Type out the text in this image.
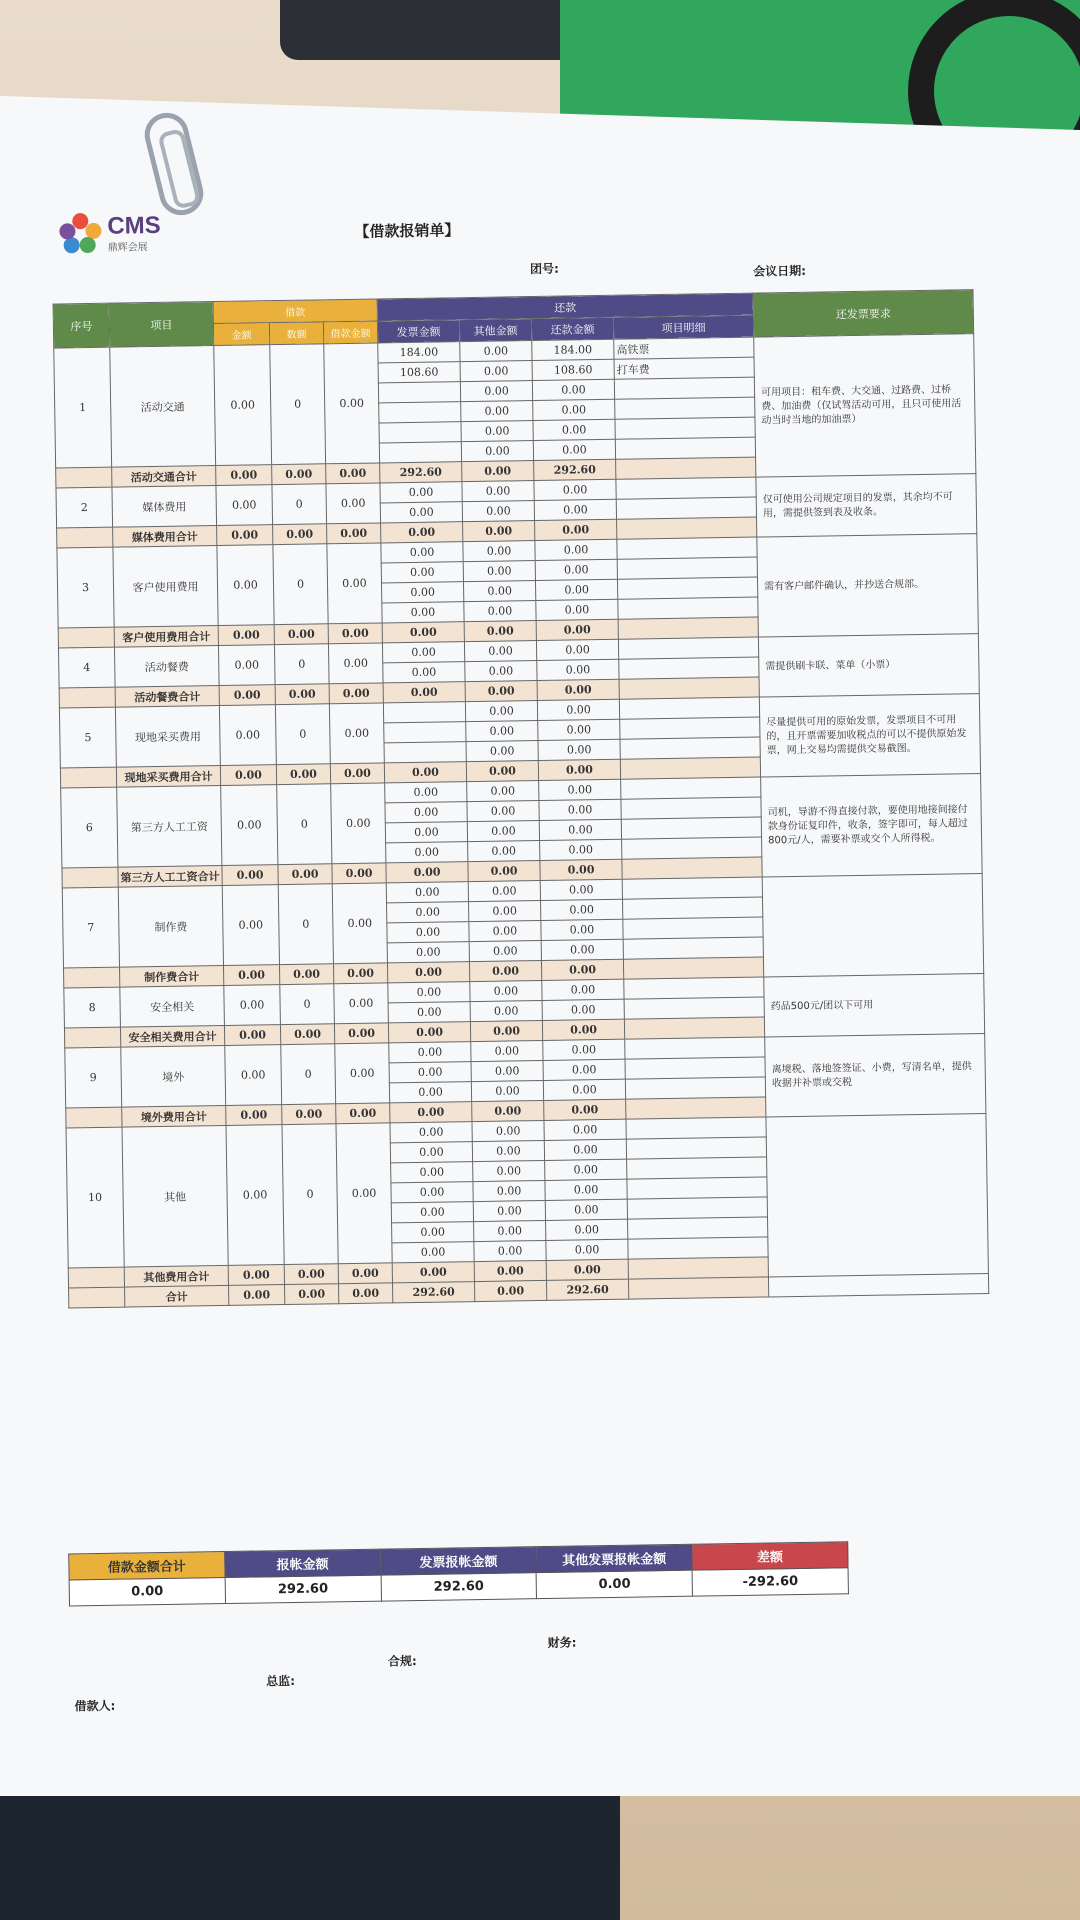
CMS
鼎辉会展
【借款报销单】
团号:	会议日期:
序号	项目	借款			还款				还发票要求
		金额	数额	借款金额	发票金额	其他金额	还款金额	项目明细	
1	活动交通	0.00	0	0.00	184.00	0.00	184.00	高铁票	可用项目：租车费、大交通、过路费、过桥费、加油费（仅试驾活动可用，且只可使用活动当时当地的加油票）
					108.60	0.00	108.60	打车费	
						0.00	0.00		
						0.00	0.00		
						0.00	0.00		
						0.00	0.00		
	活动交通合计	0.00	0.00	0.00	292.60	0.00	292.60		
2	媒体费用	0.00	0	0.00	0.00	0.00	0.00		仅可使用公司规定项目的发票，其余均不可用，需提供签到表及收条。
					0.00	0.00	0.00		
	媒体费用合计	0.00	0.00	0.00	0.00	0.00	0.00		
3	客户使用费用	0.00	0	0.00	0.00	0.00	0.00		需有客户邮件确认，并抄送合规部。
					0.00	0.00	0.00		
					0.00	0.00	0.00		
					0.00	0.00	0.00		
	客户使用费用合计	0.00	0.00	0.00	0.00	0.00	0.00		
4	活动餐费	0.00	0	0.00	0.00	0.00	0.00		需提供刷卡联、菜单（小票）
					0.00	0.00	0.00		
	活动餐费合计	0.00	0.00	0.00	0.00	0.00	0.00		
5	现地采买费用	0.00	0	0.00		0.00	0.00		尽量提供可用的原始发票，发票项目不可用的，且开票需要加收税点的可以不提供原始发票，网上交易均需提供交易截图。
						0.00	0.00		
						0.00	0.00		
	现地采买费用合计	0.00	0.00	0.00	0.00	0.00	0.00		
6	第三方人工工资	0.00	0	0.00	0.00	0.00	0.00		司机，导游不得直接付款，要使用地接间接付款身份证复印件，收条，签字即可，每人超过800元/人，需要补票或交个人所得税。
					0.00	0.00	0.00		
					0.00	0.00	0.00		
					0.00	0.00	0.00		
	第三方人工工资合计	0.00	0.00	0.00	0.00	0.00	0.00		
7	制作费	0.00	0	0.00	0.00	0.00	0.00		
					0.00	0.00	0.00		
					0.00	0.00	0.00		
					0.00	0.00	0.00		
	制作费合计	0.00	0.00	0.00	0.00	0.00	0.00		
8	安全相关	0.00	0	0.00	0.00	0.00	0.00		药品500元/团以下可用
					0.00	0.00	0.00		
	安全相关费用合计	0.00	0.00	0.00	0.00	0.00	0.00		
9	境外	0.00	0	0.00	0.00	0.00	0.00		离境税、落地签签证、小费，写清名单，提供收据并补票或交税
					0.00	0.00	0.00		
					0.00	0.00	0.00		
	境外费用合计	0.00	0.00	0.00	0.00	0.00	0.00		
10	其他	0.00	0	0.00	0.00	0.00	0.00		
					0.00	0.00	0.00		
					0.00	0.00	0.00		
					0.00	0.00	0.00		
					0.00	0.00	0.00		
					0.00	0.00	0.00		
					0.00	0.00	0.00		
	其他费用合计	0.00	0.00	0.00	0.00	0.00	0.00		
	合计	0.00	0.00	0.00	292.60	0.00	292.60		
借款金额合计	报帐金额	发票报帐金额	其他发票报帐金额	差额
0.00	292.60	292.60	0.00	-292.60
借款人:
总监:
合规:
财务:
